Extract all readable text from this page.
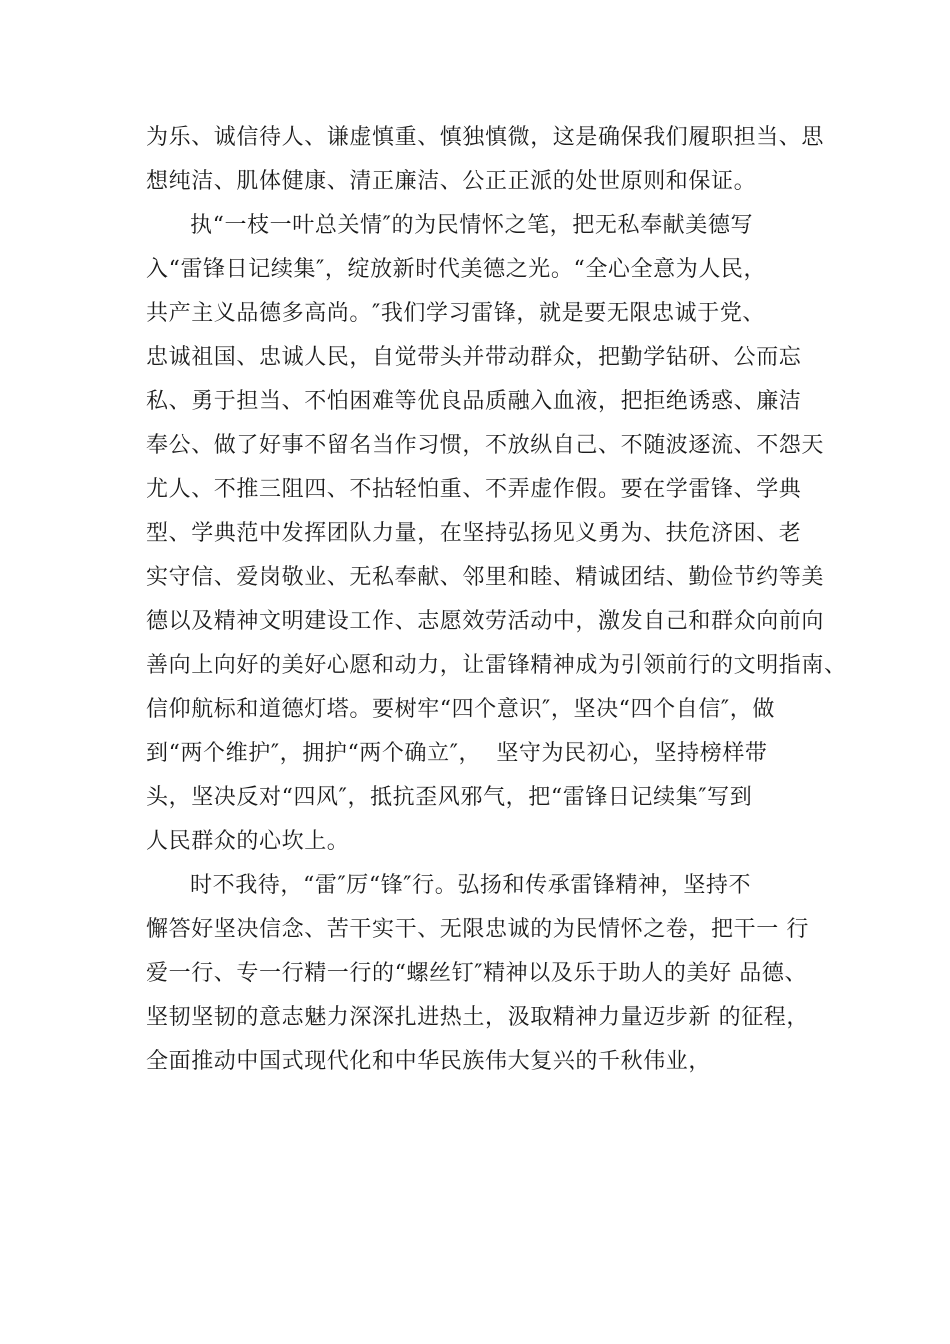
为乐、诚信待人、谦虚慎重、慎独慎微，这是确保我们履职担当、思
想纯洁、肌体健康、清正廉洁、公正正派的处世原则和保证。
执“一枝一叶总关情″的为民情怀之笔，把无私奉献美德写
入“雷锋日记续集″，绽放新时代美德之光。“全心全意为人民，
共产主义品德多高尚。″我们学习雷锋，就是要无限忠诚于党、
忠诚祖国、忠诚人民，自觉带头并带动群众，把勤学钻研、公而忘
私、勇于担当、不怕困难等优良品质融入血液，把拒绝诱惑、廉洁
奉公、做了好事不留名当作习惯，不放纵自己、不随波逐流、不怨天
尤人、不推三阻四、不拈轻怕重、不弄虚作假。要在学雷锋、学典
型、学典范中发挥团队力量，在坚持弘扬见义勇为、扶危济困、老
实守信、爱岗敬业、无私奉献、邻里和睦、精诚团结、勤俭节约等美
德以及精神文明建设工作、志愿效劳活动中，激发自己和群众向前向
善向上向好的美好心愿和动力，让雷锋精神成为引领前行的文明指南、
信仰航标和道德灯塔。要树牢“四个意识″，坚决“四个自信″，做
到“两个维护″，拥护“两个确立″，  坚守为民初心，坚持榜样带
头，坚决反对“四风″，抵抗歪风邪气，把“雷锋日记续集″写到
人民群众的心坎上。
时不我待，“雷″厉“锋″行。弘扬和传承雷锋精神，坚持不
懈答好坚决信念、苦干实干、无限忠诚的为民情怀之卷，把干一 行
爱一行、专一行精一行的“螺丝钉″精神以及乐于助人的美好 品德、
坚韧坚韧的意志魅力深深扎进热土，汲取精神力量迈步新 的征程，
全面推动中国式现代化和中华民族伟大复兴的千秋伟业，
